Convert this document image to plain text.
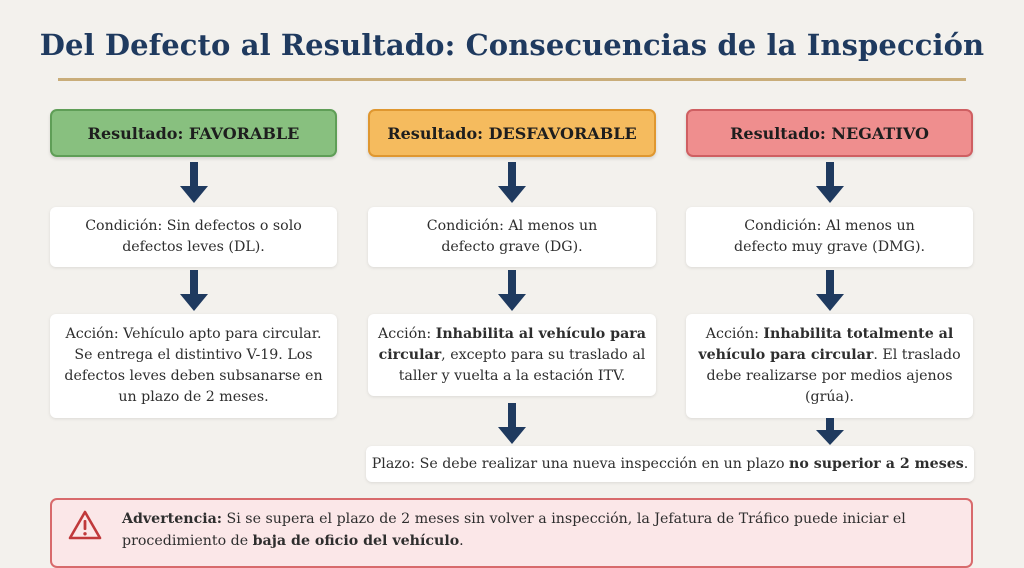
Del Defecto al Resultado: Consecuencias de la Inspección
Resultado: FAVORABLE	Resultado: DESFAVORABLE	Resultado: NEGATIVO
Condición: Sin defectos o solo defectos leves (DL).
Condición: Al menos un defecto grave (DG).
Condición: Al menos un defecto muy grave (DMG).
Acción: Vehículo apto para circular. Se entrega el distintivo V-19. Los defectos leves deben subsanarse en un plazo de 2 meses.
Acción: Inhabilita al vehículo para circular, excepto para su traslado al taller y vuelta a la estación ITV.
Acción: Inhabilita totalmente al vehículo para circular. El traslado debe realizarse por medios ajenos (grúa).
Plazo: Se debe realizar una nueva inspección en un plazo no superior a 2 meses.
Advertencia: Si se supera el plazo de 2 meses sin volver a inspección, la Jefatura de Tráfico puede iniciar el procedimiento de baja de oficio del vehículo.
